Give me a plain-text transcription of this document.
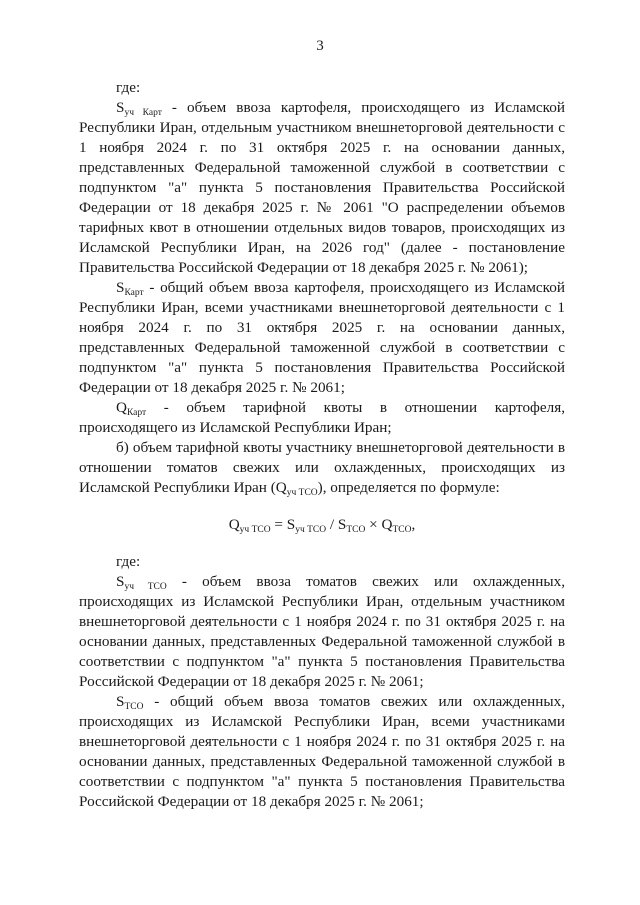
3

где:

$S_{уч Карт}$ - объем ввоза картофеля, происходящего из Исламской Республики Иран, отдельным участником внешнеторговой деятельности с 1 ноября 2024 г. по 31 октября 2025 г. на основании данных, представленных Федеральной таможенной службой в соответствии с подпунктом "а" пункта 5 постановления Правительства Российской Федерации от 18 декабря 2025 г. № 2061 "О распределении объемов тарифных квот в отношении отдельных видов товаров, происходящих из Исламской Республики Иран, на 2026 год" (далее - постановление Правительства Российской Федерации от 18 декабря 2025 г. № 2061);

$S_{Карт}$ - общий объем ввоза картофеля, происходящего из Исламской Республики Иран, всеми участниками внешнеторговой деятельности с 1 ноября 2024 г. по 31 октября 2025 г. на основании данных, представленных Федеральной таможенной службой в соответствии с подпунктом "а" пункта 5 постановления Правительства Российской Федерации от 18 декабря 2025 г. № 2061;

$Q_{Карт}$ - объем тарифной квоты в отношении картофеля, происходящего из Исламской Республики Иран;

б) объем тарифной квоты участнику внешнеторговой деятельности в отношении томатов свежих или охлажденных, происходящих из Исламской Республики Иран $(Q_{уч ТСО})$, определяется по формуле:

$Q_{уч ТСО} = S_{уч ТСО} / S_{ТСО} \times Q_{ТСО}$,

где:

$S_{уч ТСО}$ - объем ввоза томатов свежих или охлажденных, происходящих из Исламской Республики Иран, отдельным участником внешнеторговой деятельности с 1 ноября 2024 г. по 31 октября 2025 г. на основании данных, представленных Федеральной таможенной службой в соответствии с подпунктом "а" пункта 5 постановления Правительства Российской Федерации от 18 декабря 2025 г. № 2061;

$S_{ТСО}$ - общий объем ввоза томатов свежих или охлажденных, происходящих из Исламской Республики Иран, всеми участниками внешнеторговой деятельности с 1 ноября 2024 г. по 31 октября 2025 г. на основании данных, представленных Федеральной таможенной службой в соответствии с подпунктом "а" пункта 5 постановления Правительства Российской Федерации от 18 декабря 2025 г. № 2061;
